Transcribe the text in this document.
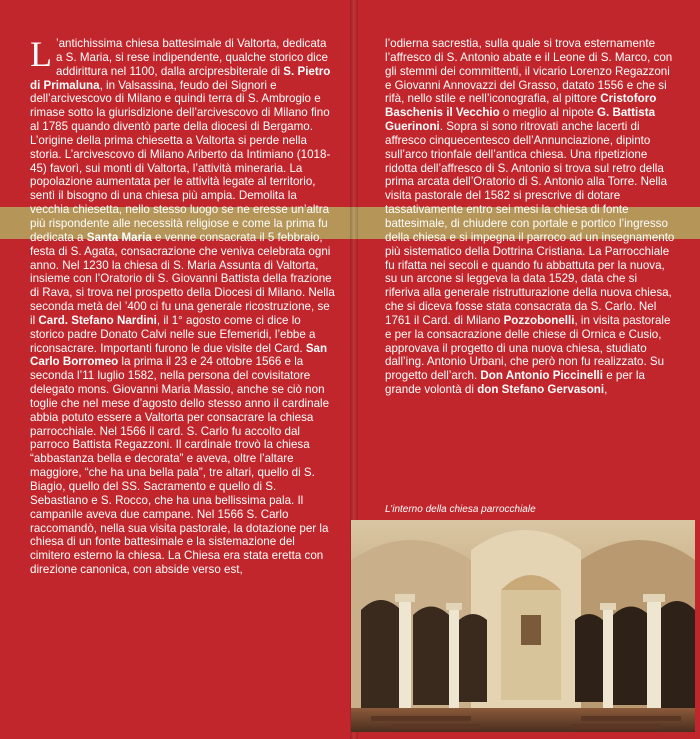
L ’antichissima chiesa battesimale di Valtorta, dedicata a S. Maria, si rese indipendente, qualche storico dice addirittura nel 1100, dalla arcipresbiterale di S. Pietro di Primaluna, in Valsassina, feudo dei Signori e dell’arcivescovo di Milano e quindi terra di S. Ambrogio e rimase sotto la giurisdizione dell’arcivescovo di Milano fino al 1785 quando diventò parte della diocesi di Bergamo. L’origine della prima chiesetta a Valtorta si perde nella storia. L’arcivescovo di Milano Ariberto da Intimiano (1018-45) favorì, sui monti di Valtorta, l’attività mineraria. La popolazione aumentata per le attività legate al territorio, sentì il bisogno di una chiesa più ampia. Demolita la vecchia chiesetta, nello stesso luogo se ne eresse un’altra più rispondente alle necessità religiose e come la prima fu dedicata a Santa Maria e venne consacrata il 5 febbraio, festa di S. Agata, consacrazione che veniva celebrata ogni anno. Nel 1230 la chiesa di S. Maria Assunta di Valtorta, insieme con l’Oratorio di S. Giovanni Battista della frazione di Rava, si trova nel prospetto della Diocesi di Milano. Nella seconda metà del ’400 ci fu una generale ricostruzione, se il Card. Stefano Nardini, il 1° agosto come ci dice lo storico padre Donato Calvi nelle sue Efemeridi, l’ebbe a riconsacrare. Importanti furono le due visite del Card. San Carlo Borromeo la prima il 23 e 24 ottobre 1566 e la seconda l’11 luglio 1582, nella persona del covisitatore delegato mons. Giovanni Maria Massio, anche se ciò non toglie che nel mese d’agosto dello stesso anno il cardinale abbia potuto essere a Valtorta per consacrare la chiesa parrocchiale. Nel 1566 il card. S. Carlo fu accolto dal parroco Battista Regazzoni. Il cardinale trovò la chiesa “abbastanza bella e decorata” e aveva, oltre l’altare maggiore, “che ha una bella pala”, tre altari, quello di S. Biagio, quello del SS. Sacramento e quello di S. Sebastiano e S. Rocco, che ha una bellissima pala. Il campanile aveva due campane. Nel 1566 S. Carlo raccomandò, nella sua visita pastorale, la dotazione per la chiesa di un fonte battesimale e la sistemazione del cimitero esterno la chiesa. La Chiesa era stata eretta con direzione canonica, con abside verso est,

l’odierna sacrestia, sulla quale si trova esternamente l’affresco di S. Antonio abate e il Leone di S. Marco, con gli stemmi dei committenti, il vicario Lorenzo Regazzoni e Giovanni Annovazzi del Grasso, datato 1556 e che si rifà, nello stile e nell’iconografia, al pittore Cristoforo Baschenis il Vecchio o meglio al nipote G. Battista Guerinoni. Sopra si sono ritrovati anche lacerti di affresco cinquecentesco dell’Annunciazione, dipinto sull’arco trionfale dell’antica chiesa. Una ripetizione ridotta dell’affresco di S. Antonio si trova sul retro della prima arcata dell’Oratorio di S. Antonio alla Torre. Nella visita pastorale del 1582 si prescrive di dotare tassativamente entro sei mesi la chiesa di fonte battesimale, di chiudere con portale e portico l’ingresso della chiesa e si impegna il parroco ad un insegnamento più sistematico della Dottrina Cristiana. La Parrocchiale fu rifatta nei secoli e quando fu abbattuta per la nuova, su un arcone si leggeva la data 1529, data che si riferiva alla generale ristrutturazione della nuova chiesa, che si diceva fosse stata consacrata da S. Carlo. Nel 1761 il Card. di Milano Pozzobonelli, in visita pastorale e per la consacrazione delle chiese di Ornica e Cusio, approvava il progetto di una nuova chiesa, studiato dall’ing. Antonio Urbani, che però non fu realizzato. Su progetto dell’arch. Don Antonio Piccinelli e per la grande volontà di don Stefano Gervasoni,

L’interno della chiesa parrocchiale
